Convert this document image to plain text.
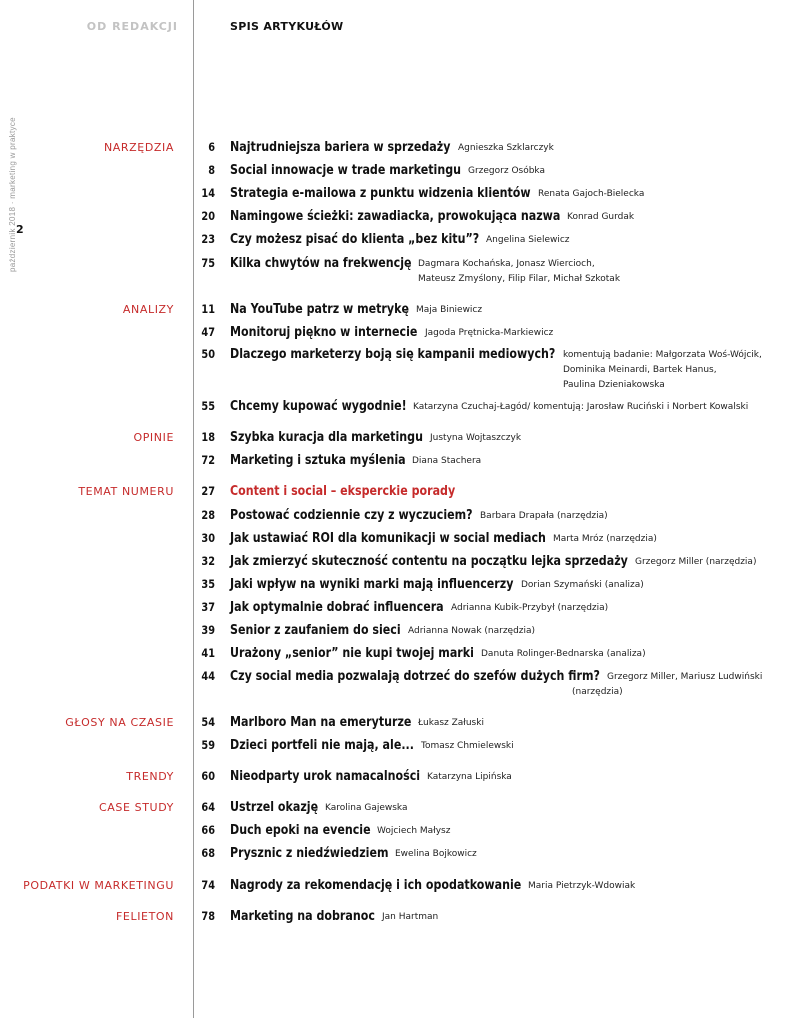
OD REDAKCJI	SPIS ARTYKUŁÓW
październik 2018 · marketing w praktyce 2
NARZĘDZIA	6 Najtrudniejsza bariera w sprzedaży Agnieszka Szklarczyk
8 Social innowacje w trade marketingu Grzegorz Osóbka
14 Strategia e-mailowa z punktu widzenia klientów Renata Gajoch-Bielecka
20 Namingowe ścieżki: zawadiacka, prowokująca nazwa Konrad Gurdak
23 Czy możesz pisać do klienta „bez kitu”? Angelina Sielewicz
75 Kilka chwytów na frekwencję Dagmara Kochańska, Jonasz Wiercioch,
Mateusz Zmyślony, Filip Filar, Michał Szkotak
ANALIZY 11 Na YouTube patrz w metrykę Maja Biniewicz
47 Monitoruj pięknο w internecie Jagoda Prętnicka-Markiewicz
50 Dlaczego marketerzy boją się kampanii mediowych? komentują badanie: Małgorzata Woś-Wójcik,
Dominika Meinardi, Bartek Hanus,
Paulina Dzieniakowska
55 Chcemy kupować wygodnie! Katarzyna Czuchaj-Łagód/ komentują: Jarosław Ruciński i Norbert Kowalski
OPINIE 18 Szybka kuracja dla marketingu Justyna Wojtaszczyk
72 Marketing i sztuka myślenia Diana Stachera
TEMAT NUMERU 27 Content i social – eksperckie porady
28 Postować codziennie czy z wyczuciem? Barbara Drapała (narzędzia)
30 Jak ustawiać ROI dla komunikacji w social mediach Marta Mróz (narzędzia)
32 Jak zmierzyć skuteczność contentu na początku lejka sprzedaży Grzegorz Miller (narzędzia)
35 Jaki wpływ na wyniki marki mają influencerzy Dorian Szymański (analiza)
37 Jak optymalnie dobrać influencera Adrianna Kubik-Przybył (narzędzia)
39 Senior z zaufaniem do sieci Adrianna Nowak (narzędzia)
41 Urażony „senior” nie kupi twojej marki Danuta Rolinger-Bednarska (analiza)
44 Czy social media pozwalają dotrzeć do szefów dużych firm? Grzegorz Miller, Mariusz Ludwiński
(narzędzia)
GŁOSY NA CZASIE 54 Marlboro Man na emeryturze Łukasz Załuski
59 Dzieci portfeli nie mają, ale... Tomasz Chmielewski
TRENDY 60 Nieodparty urok namacalności Katarzyna Lipińska
CASE STUDY 64 Ustrzel okazję Karolina Gajewska
66 Duch epoki na evencie Wojciech Małysz
68 Prysznic z niedźwiedziem Ewelina Bojkowicz
PODATKI W MARKETINGU 74 Nagrody za rekomendację i ich opodatkowanie Maria Pietrzyk-Wdowiak
FELIETON 78 Marketing na dobranoc Jan Hartman
